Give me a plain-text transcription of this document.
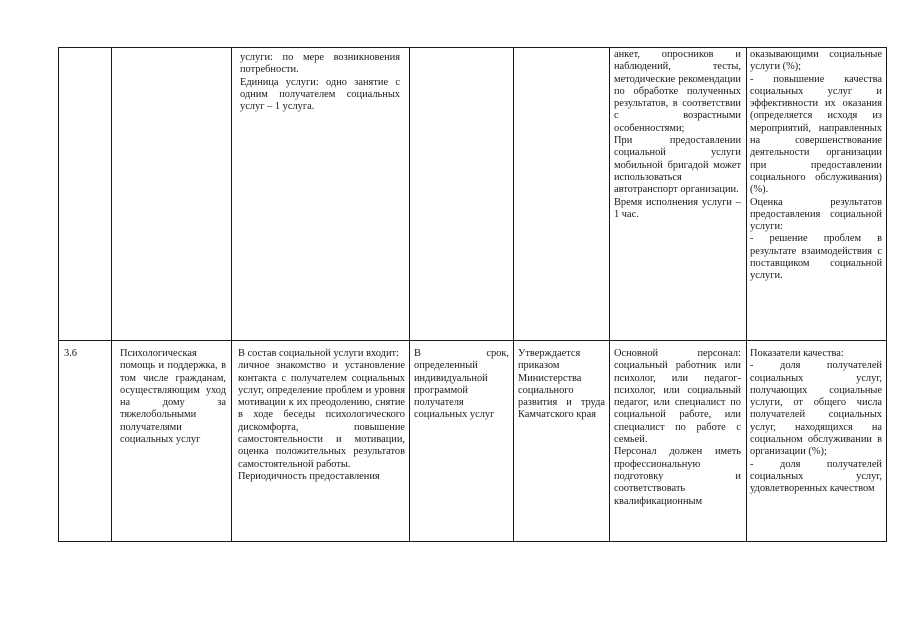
услуги: по мере возникновения потребности.

Единица услуги: одно занятие с одним получателем социальных услуг – 1 услуга.

анкет, опросников и наблюдений, тесты, методические рекомендации по обработке полученных результатов, в соответствии с возрастными особенностями;

При предоставлении социальной услуги мобильной бригадой может использоваться автотранспорт организации.

Время исполнения услуги – 1 час.

оказывающими социальные услуги (%);

- повышение качества социальных услуг и эффективности их оказания (определяется исходя из мероприятий, направленных на совершенствование деятельности организации при предоставлении социального обслуживания) (%).

Оценка результатов предоставления социальной услуги:

- решение проблем в результате взаимодействия с поставщиком социальной услуги.

3.6	Психологическая помощь и поддержка, в том числе гражданам, осуществляющим уход на дому за тяжелобольными получателями социальных услуг

В состав социальной услуги входит:

личное знакомство и установление контакта с получателем социальных услуг, определение проблем и уровня мотивации к их преодолению, снятие в ходе беседы психологического дискомфорта, повышение самостоятельности и мотивации, оценка положительных результатов самостоятельной работы.

Периодичность предоставления

В срок, определенный индивидуальной программой получателя социальных услуг

Утверждается приказом Министерства социального развития и труда Камчатского края

Основной персонал: социальный работник или психолог, или педагог-психолог, или социальный педагог, или специалист по социальной работе, или специалист по работе с семьей.

Персонал должен иметь профессиональную подготовку и соответствовать квалификационным

Показатели качества:

- доля получателей социальных услуг, получающих социальные услуги, от общего числа получателей социальных услуг, находящихся на социальном обслуживании в организации (%);

- доля получателей социальных услуг, удовлетворенных качеством
